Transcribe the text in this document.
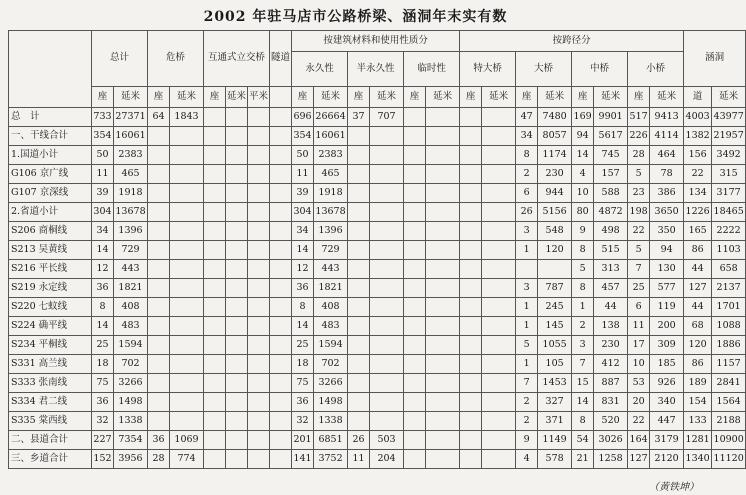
2002 年驻马店市公路桥梁、涵洞年末实有数
	总计		危桥		互通式立交桥			隧道	按建筑材料和使用性质分						按跨径分								涵洞	
									永久性		半永久性		临时性		特大桥		大桥		中桥		小桥			
	座	延米	座	延米	座	延米	平米		座	延米	座	延米	座	延米	座	延米	座	延米	座	延米	座	延米	道	延米
总　计	733	27371	64	1843					696	26664	37	707					47	7480	169	9901	517	9413	4003	43977
一、干线合计	354	16061							354	16061							34	8057	94	5617	226	4114	1382	21957
1.国道小计	50	2383							50	2383							8	1174	14	745	28	464	156	3492
G106 京广线	11	465							11	465							2	230	4	157	5	78	22	315
G107 京深线	39	1918							39	1918							6	944	10	588	23	386	134	3177
2.省道小计	304	13678							304	13678							26	5156	80	4872	198	3650	1226	18465
S206 商桐线	34	1396							34	1396							3	548	9	498	22	350	165	2222
S213 吴黄线	14	729							14	729							1	120	8	515	5	94	86	1103
S216 平长线	12	443							12	443									5	313	7	130	44	658
S219 永定线	36	1821							36	1821							3	787	8	457	25	577	127	2137
S220 七蚊线	8	408							8	408							1	245	1	44	6	119	44	1701
S224 确平线	14	483							14	483							1	145	2	138	11	200	68	1088
S234 平桐线	25	1594							25	1594							5	1055	3	230	17	309	120	1886
S331 高兰线	18	702							18	702							1	105	7	412	10	185	86	1157
S333 张南线	75	3266							75	3266							7	1453	15	887	53	926	189	2841
S334 君二线	36	1498							36	1498							2	327	14	831	20	340	154	1564
S335 棠西线	32	1338							32	1338							2	371	8	520	22	447	133	2188
二、县道合计	227	7354	36	1069					201	6851	26	503					9	1149	54	3026	164	3179	1281	10900
三、乡道合计	152	3956	28	774					141	3752	11	204					4	578	21	1258	127	2120	1340	11120
（黄铁坤）
